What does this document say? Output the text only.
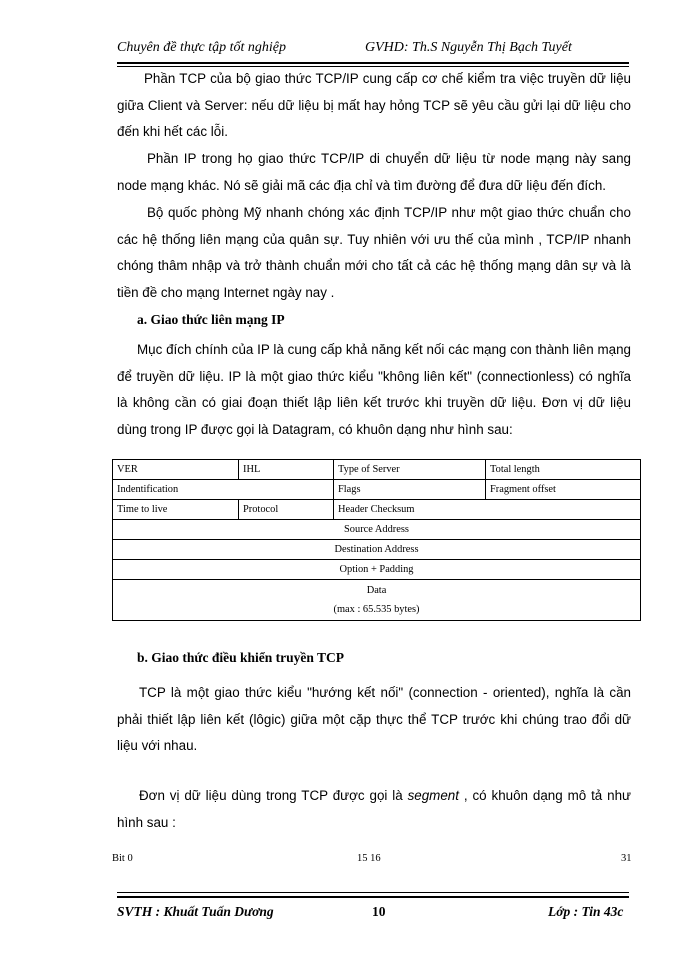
Chuyên đề thực tập tốt nghiệp	GVHD: Th.S Nguyễn Thị Bạch Tuyết
Phần TCP của bộ giao thức TCP/IP cung cấp cơ chế kiểm tra việc truyền dữ liệu giữa Client và Server: nếu dữ liệu bị mất hay hỏng TCP sẽ yêu cầu gửi lại dữ liệu cho đến khi hết các lỗi.
Phần IP trong họ giao thức TCP/IP di chuyển dữ liệu từ node mạng này sang node mạng khác. Nó sẽ giải mã các địa chỉ và tìm đường để đưa dữ liệu đến đích.
Bộ quốc phòng Mỹ nhanh chóng xác định TCP/IP như một giao thức chuẩn cho các hệ thống liên mạng của quân sự. Tuy nhiên với ưu thế của mình , TCP/IP nhanh chóng thâm nhập và trở thành chuẩn mới cho tất cả các hệ thống mạng dân sự và là tiền đề cho mạng Internet ngày nay .
a. Giao thức liên mạng IP
Mục đích chính của IP là cung cấp khả năng kết nối các mạng con thành liên mạng để truyền dữ liệu. IP là một giao thức kiểu "không liên kết" (connectionless) có nghĩa là không cần có giai đoạn thiết lập liên kết trước khi truyền dữ liệu. Đơn vị dữ liệu dùng trong IP được gọi là Datagram, có khuôn dạng như hình sau:
VER	IHL	Type of Server	Total length
Indentification		Flags	Fragment offset
Time to live	Protocol	Header Checksum	
Source Address			
Destination Address			
Option + Padding			

Data
(max : 65.535 bytes)			
b. Giao thức điều khiển truyền TCP
TCP là một giao thức kiểu "hướng kết nối" (connection - oriented), nghĩa là cần phải thiết lập liên kết (lôgic) giữa một cặp thực thể TCP trước khi chúng trao đổi dữ liệu với nhau.
Đơn vị dữ liệu dùng trong TCP được gọi là segment , có khuôn dạng mô tả như hình sau :
Bit 0	15 16	31
SVTH : Khuất Tuấn Dương	10	Lớp : Tin 43c
